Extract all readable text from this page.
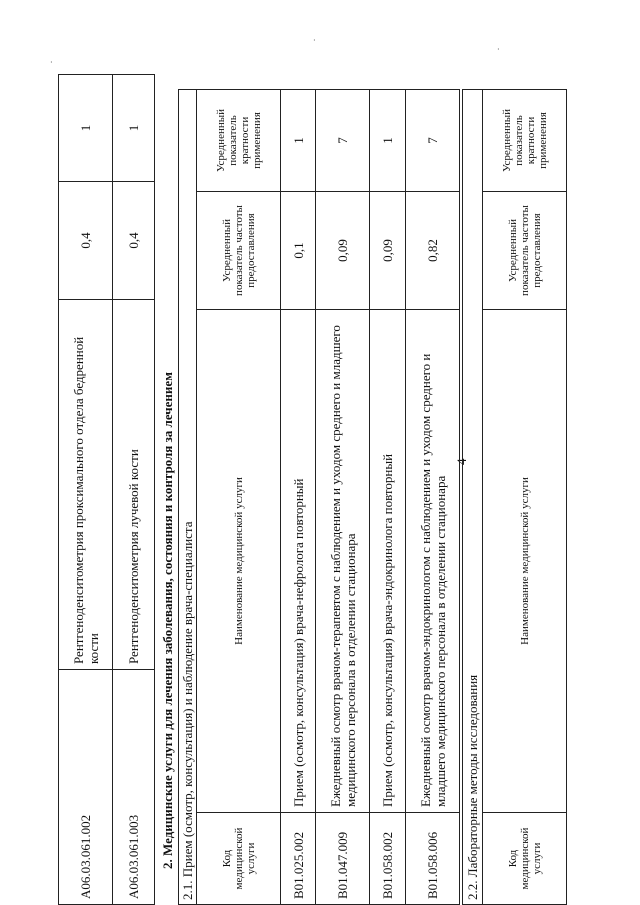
4
A06.03.061.002	Рентгеноденситометрия проксимального отдела бедренной кости	0,4	1
A06.03.061.003	Рентгеноденситометрия лучевой кости	0,4	1
2. Медицинские услуги для лечения заболевания, состояния и контроля за лечением 2.1. Прием (осмотр, консультация) и наблюдение врача-специалиста			
Код медицинской услуги	Наименование медицинской услуги	Усредненный показатель частоты предоставления	Усредненный показатель кратности применения
B01.025.002	Прием (осмотр, консультация) врача-нефролога повторный	0,1	1
B01.047.009	Ежедневный осмотр врачом-терапевтом с наблюдением и уходом среднего и младшего медицинского персонала в отделении стационара	0,09	7
B01.058.002	Прием (осмотр, консультация) врача-эндокринолога повторный	0,09	1
B01.058.006	Ежедневный осмотр врачом-эндокринологом с наблюдением и уходом среднего и младшего медицинского персонала в отделении стационара	0,82	7
2.2. Лабораторные методы исследования
Код медицинской услуги	Наименование медицинской услуги	Усредненный показатель частоты предоставления	Усредненный показатель кратности применения
·
·
·
